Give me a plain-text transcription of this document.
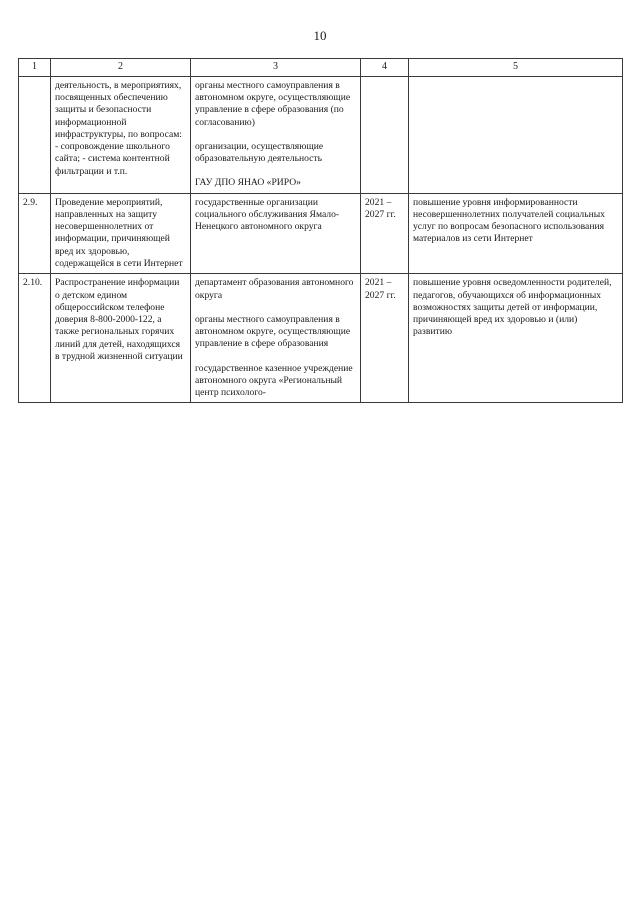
10
1	2	3	4	5
	деятельность, в мероприятиях, посвященных обеспечению защиты и безопасности информационной инфраструктуры, по вопросам: - сопровождение школьного сайта; - система контентной фильтрации и т.п.	органы местного самоуправления в автономном округе, осуществляющие управление в сфере образования (по согласованию)
организации, осуществляющие образовательную деятельность
ГАУ ДПО ЯНАО «РИРО»		

2.9.	Проведение мероприятий, направленных на защиту несовершеннолетних от информации, причиняющей вред их здоровью, содержащейся в сети Интернет	государственные организации социального обслуживания Ямало-Ненецкого автономного округа	2021 – 2027 гг.	повышение уровня информированности несовершеннолетних получателей социальных услуг по вопросам безопасного использования материалов из сети Интернет
2.10.	Распространение информации о детском едином общероссийском телефоне доверия 8-800-2000-122, а также региональных горячих линий для детей, находящихся в трудной жизненной ситуации	департамент образования автономного округа
органы местного самоуправления в автономном округе, осуществляющие управление в сфере образования
государственное казенное учреждение автономного округа «Региональный центр психолого-	2021 – 2027 гг.	повышение уровня осведомленности родителей, педагогов, обучающихся об информационных возможностях защиты детей от информации, причиняющей вред их здоровью и (или) развитию
